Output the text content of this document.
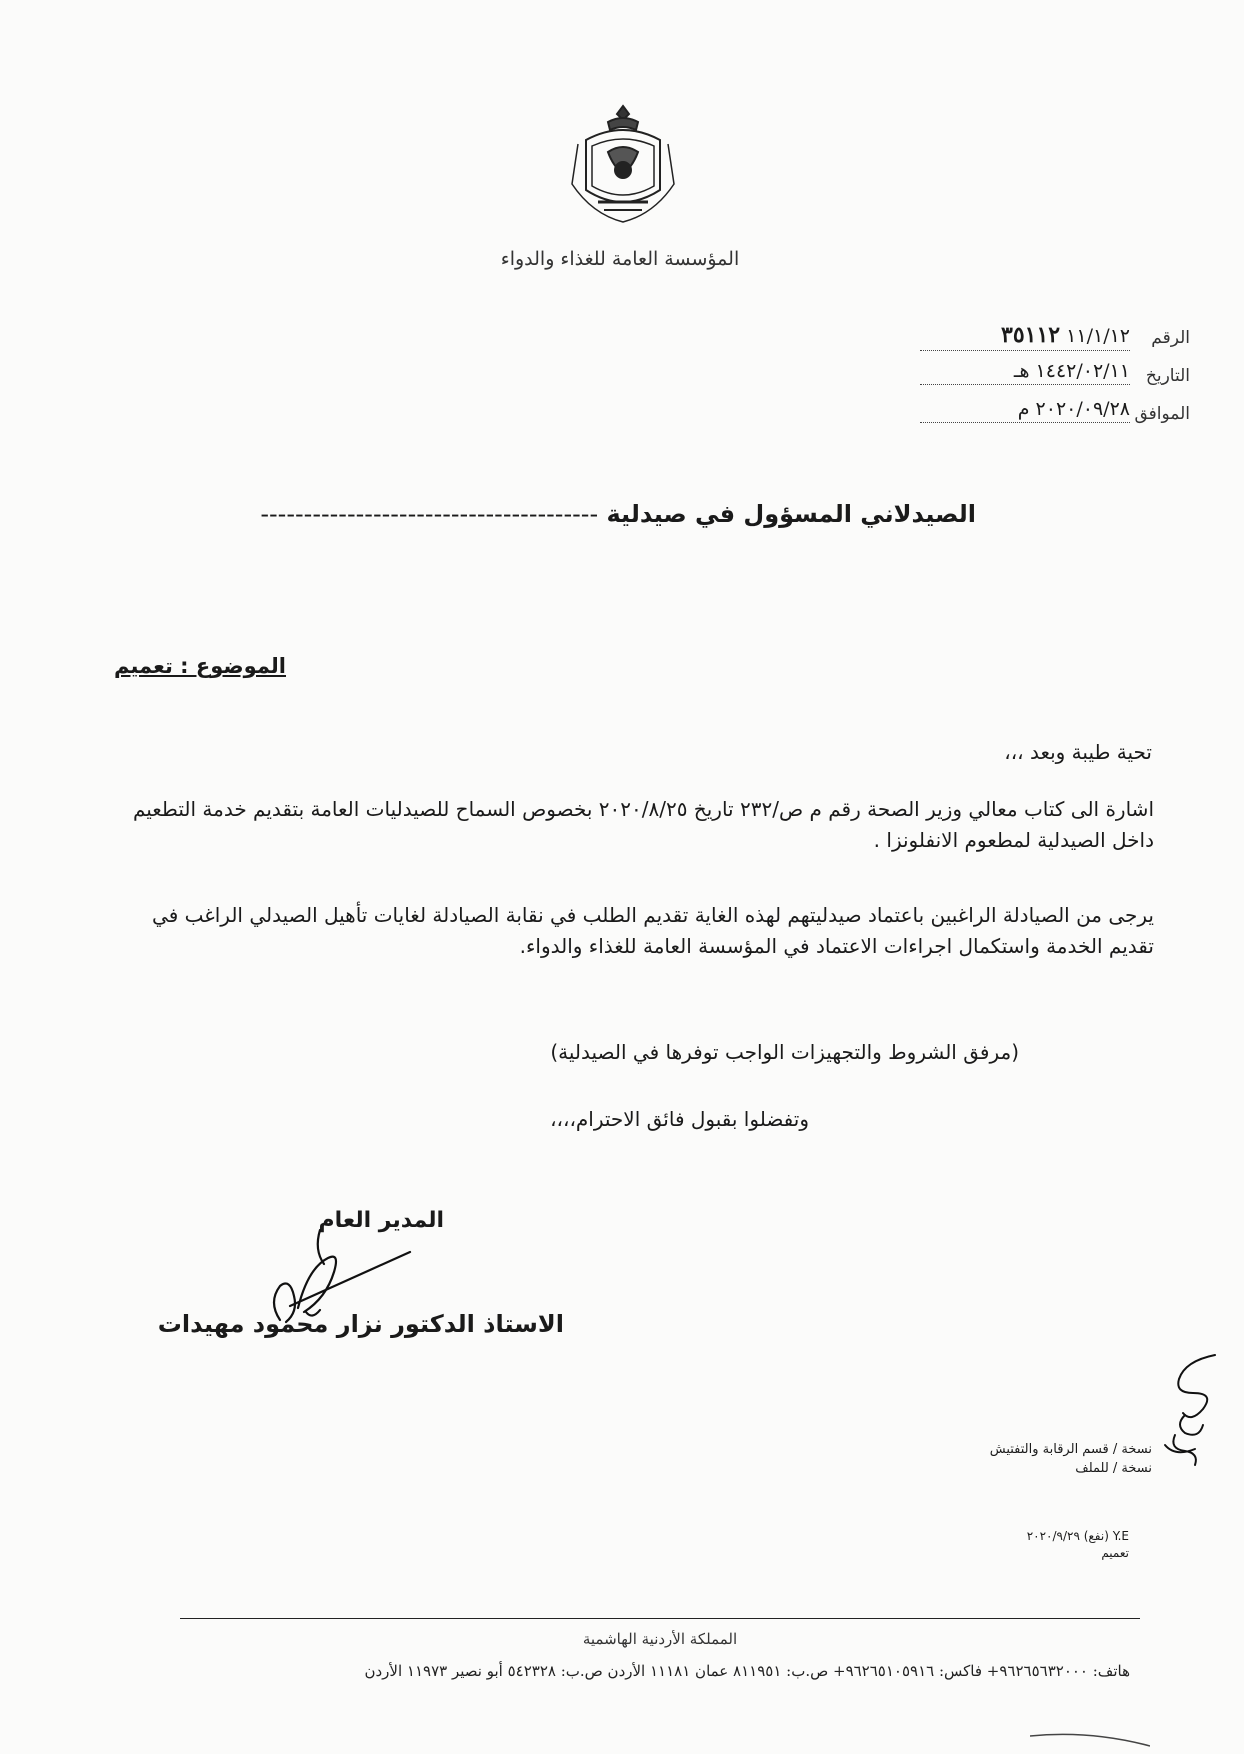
المؤسسة العامة للغذاء والدواء
الرقم
١١/١/١٢ ٣٥١١٢
التاريخ
١٤٤٢/٠٢/١١ هـ
الموافق
٢٠٢٠/٠٩/٢٨ م
الصيدلاني المسؤول في صيدلية ---------------------------------------
الموضوع : تعميم
تحية طيبة وبعد ،،،
اشارة الى كتاب معالي وزير الصحة رقم م ص/٢٣٢ تاريخ ٢٠٢٠/٨/٢٥ بخصوص السماح للصيدليات العامة بتقديم خدمة التطعيم داخل الصيدلية لمطعوم الانفلونزا .
يرجى من الصيادلة الراغبين باعتماد صيدليتهم لهذه الغاية تقديم الطلب في نقابة الصيادلة لغايات تأهيل الصيدلي الراغب في تقديم الخدمة واستكمال اجراءات الاعتماد في المؤسسة العامة للغذاء والدواء.
(مرفق الشروط والتجهيزات الواجب توفرها في الصيدلية)
وتفضلوا بقبول فائق الاحترام،،،،
المدير العام
الاستاذ الدكتور نزار محمود مهيدات
نسخة / قسم الرقابة والتفتيش
نسخة / للملف
Y.E (نفع) ٢٠٢٠/٩/٢٩
تعميم
المملكة الأردنية الهاشمية
هاتف: ٩٦٢٦٥٦٣٢٠٠٠+ فاكس: ٩٦٢٦٥١٠٥٩١٦+ ص.ب: ٨١١٩٥١ عمان ١١١٨١ الأردن ص.ب: ٥٤٢٣٢٨ أبو نصير ١١٩٧٣ الأردن
